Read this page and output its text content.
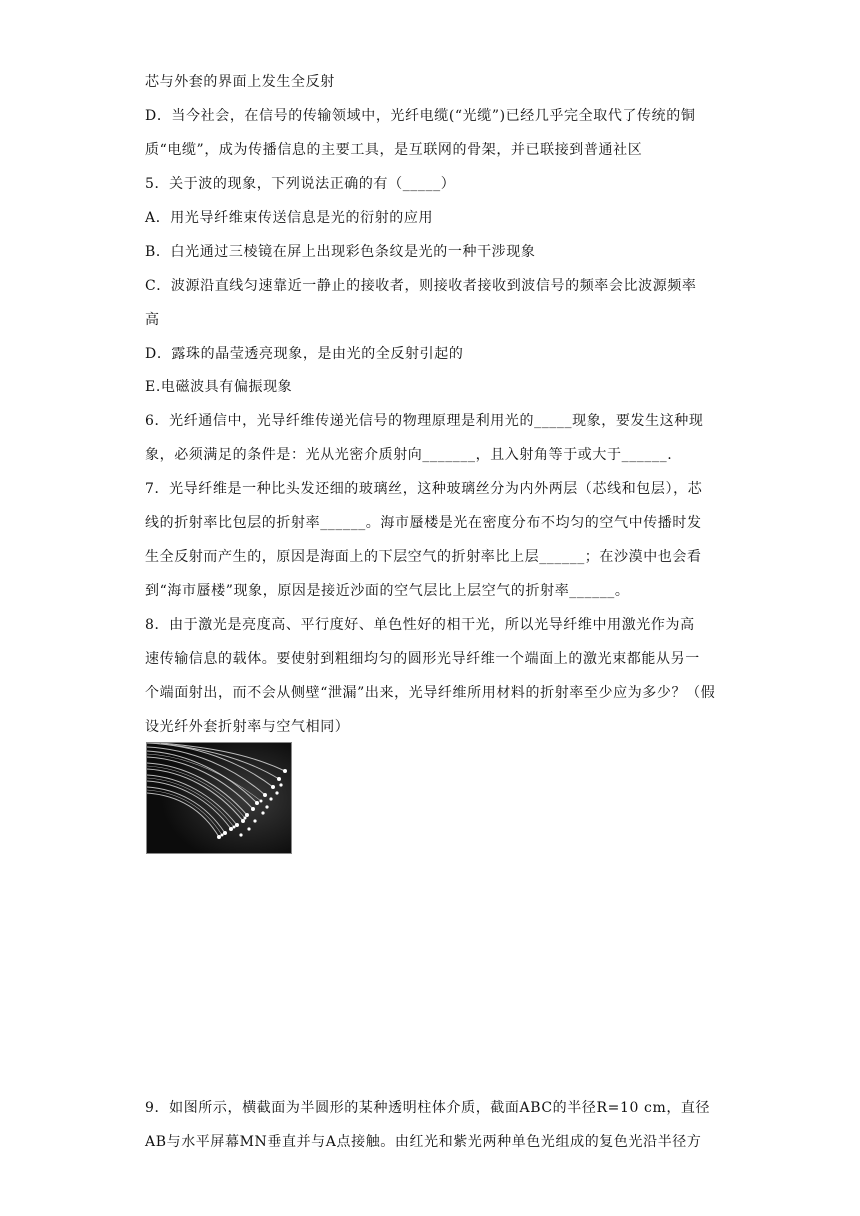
芯与外套的界面上发生全反射
D．当今社会，在信号的传输领域中，光纤电缆(“光缆”)已经几乎完全取代了传统的铜
质“电缆”，成为传播信息的主要工具，是互联网的骨架，并已联接到普通社区
5．关于波的现象，下列说法正确的有（_____）
A．用光导纤维束传送信息是光的衍射的应用
B．白光通过三棱镜在屏上出现彩色条纹是光的一种干涉现象
C．波源沿直线匀速靠近一静止的接收者，则接收者接收到波信号的频率会比波源频率
高
D．露珠的晶莹透亮现象，是由光的全反射引起的
E.电磁波具有偏振现象
6．光纤通信中，光导纤维传递光信号的物理原理是利用光的_____现象，要发生这种现
象，必须满足的条件是：光从光密介质射向_______，且入射角等于或大于______.
7．光导纤维是一种比头发还细的玻璃丝，这种玻璃丝分为内外两层（芯线和包层），芯
线的折射率比包层的折射率______。海市蜃楼是光在密度分布不均匀的空气中传播时发
生全反射而产生的，原因是海面上的下层空气的折射率比上层______；在沙漠中也会看
到“海市蜃楼”现象，原因是接近沙面的空气层比上层空气的折射率______。
8．由于激光是亮度高、平行度好、单色性好的相干光，所以光导纤维中用激光作为高
速传输信息的载体。要使射到粗细均匀的圆形光导纤维一个端面上的激光束都能从另一
个端面射出，而不会从侧壁“泄漏”出来，光导纤维所用材料的折射率至少应为多少？（假
设光纤外套折射率与空气相同）
9．如图所示，横截面为半圆形的某种透明柱体介质，截面ABC的半径R=10 cm，直径
AB与水平屏幕MN垂直并与A点接触。由红光和紫光两种单色光组成的复色光沿半径方
